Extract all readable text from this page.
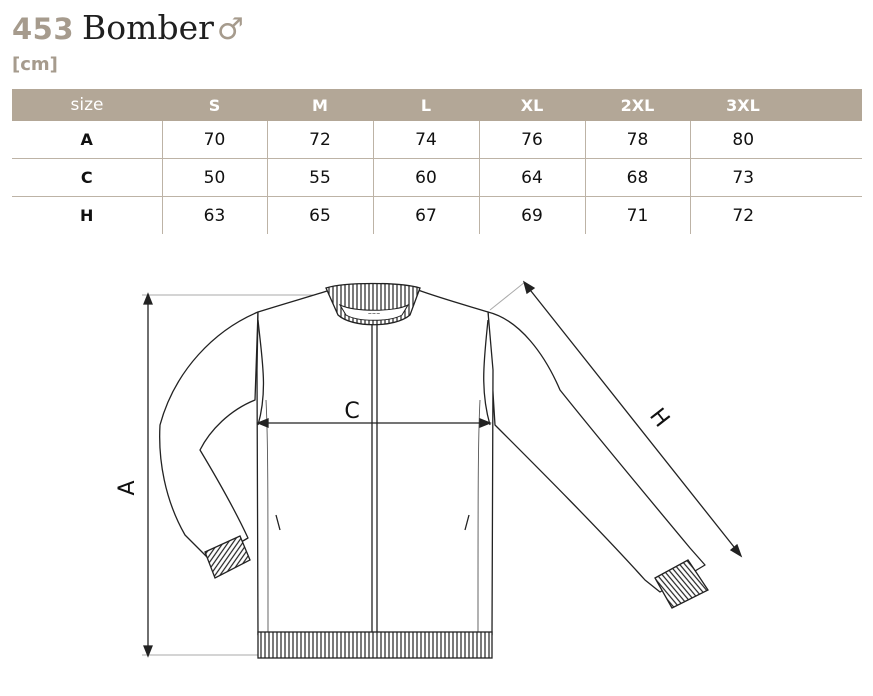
453 Bomber ♂
[cm]
size	S	M	L	XL	2XL	3XL	
A	70	72	74	76	78	80	
C	50	55	60	64	68	73	
H	63	65	67	69	71	72	
~~~
A
C	H
